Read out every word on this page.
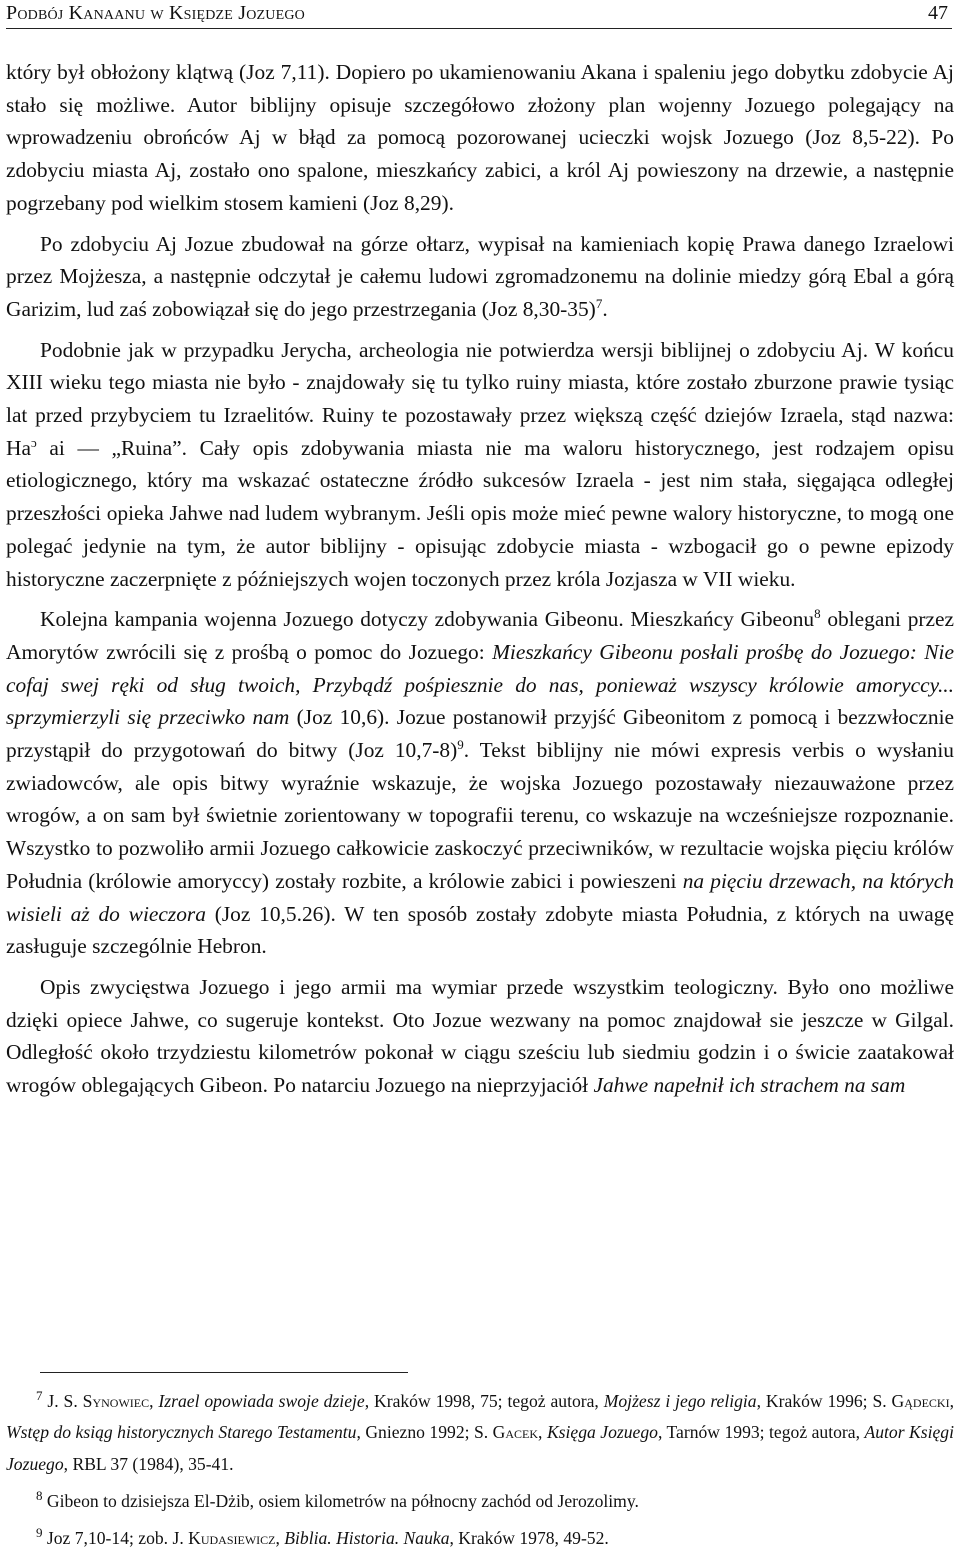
Podbój Kanaanu w Księdze Jozuego	47

który był obłożony klątwą (Joz 7,11). Dopiero po ukamienowaniu Akana i spaleniu jego dobytku zdobycie Aj stało się możliwe. Autor biblijny opisuje szczegółowo złożony plan wojenny Jozuego polegający na wprowadzeniu obrońców Aj w błąd za pomocą pozorowanej ucieczki wojsk Jozuego (Joz 8,5-22). Po zdobyciu miasta Aj, zostało ono spalone, mieszkańcy zabici, a król Aj powieszony na drzewie, a następnie pogrzebany pod wielkim stosem kamieni (Joz 8,29).

Po zdobyciu Aj Jozue zbudował na górze ołtarz, wypisał na kamieniach kopię Prawa danego Izraelowi przez Mojżesza, a następnie odczytał je całemu ludowi zgromadzonemu na dolinie miedzy górą Ebal a górą Garizim, lud zaś zobowiązał się do jego przestrzegania (Joz 8,30-35)$^7$.

Podobnie jak w przypadku Jerycha, archeologia nie potwierdza wersji biblijnej o zdobyciu Aj. W końcu XIII wieku tego miasta nie było - znajdowały się tu tylko ruiny miasta, które zostało zburzone prawie tysiąc lat przed przybyciem tu Izraelitów. Ruiny te pozostawały przez większą część dziejów Izraela, stąd nazwa: $Ha^ɔ$ ai — „Ruina”. Cały opis zdobywania miasta nie ma waloru historycznego, jest rodzajem opisu etiologicznego, który ma wskazać ostateczne źródło sukcesów Izraela - jest nim stała, sięgająca odległej przeszłości opieka Jahwe nad ludem wybranym. Jeśli opis może mieć pewne walory historyczne, to mogą one polegać jedynie na tym, że autor biblijny - opisując zdobycie miasta - wzbogacił go o pewne epizody historyczne zaczerpnięte z późniejszych wojen toczonych przez króla Jozjasza w VII wieku.

Kolejna kampania wojenna Jozuego dotyczy zdobywania Gibeonu. Mieszkańcy Gibeonu$^8$ oblegani przez Amorytów zwrócili się z prośbą o pomoc do Jozuego: Mieszkańcy Gibeonu posłali prośbę do Jozuego: Nie cofaj swej ręki od sług twoich, Przybądź pośpiesznie do nas, ponieważ wszyscy królowie amoryccy... sprzymierzyli się przeciwko nam (Joz 10,6). Jozue postanowił przyjść Gibeonitom z pomocą i bezzwłocznie przystąpił do przygotowań do bitwy (Joz 10,7-8)$^9$. Tekst biblijny nie mówi expresis verbis o wysłaniu zwiadowców, ale opis bitwy wyraźnie wskazuje, że wojska Jozuego pozostawały niezauważone przez wrogów, a on sam był świetnie zorientowany w topografii terenu, co wskazuje na wcześniejsze rozpoznanie. Wszystko to pozwoliło armii Jozuego całkowicie zaskoczyć przeciwników, w rezultacie wojska pięciu królów Południa (królowie amoryccy) zostały rozbite, a królowie zabici i powieszeni na pięciu drzewach, na których wisieli aż do wieczora (Joz 10,5.26). W ten sposób zostały zdobyte miasta Południa, z których na uwagę zasługuje szczególnie Hebron.

Opis zwycięstwa Jozuego i jego armii ma wymiar przede wszystkim teologiczny. Było ono możliwe dzięki opiece Jahwe, co sugeruje kontekst. Oto Jozue wezwany na pomoc znajdował sie jeszcze w Gilgal. Odległość około trzydziestu kilometrów pokonał w ciągu sześciu lub siedmiu godzin i o świcie zaatakował wrogów oblegających Gibeon. Po natarciu Jozuego na nieprzyjaciół Jahwe napełnił ich strachem na sam

$^7$ J. S. Synowiec, Izrael opowiada swoje dzieje, Kraków 1998, 75; tegoż autora, Mojżesz i jego religia, Kraków 1996; S. Gądecki, Wstęp do ksiąg historycznych Starego Testamentu, Gniezno 1992; S. Gacek, Księga Jozuego, Tarnów 1993; tegoż autora, Autor Księgi Jozuego, RBL 37 (1984), 35-41.

$^8$ Gibeon to dzisiejsza El-Dżib, osiem kilometrów na północny zachód od Jerozolimy.

$^9$ Joz 7,10-14; zob. J. Kudasiewicz, Biblia. Historia. Nauka, Kraków 1978, 49-52.
